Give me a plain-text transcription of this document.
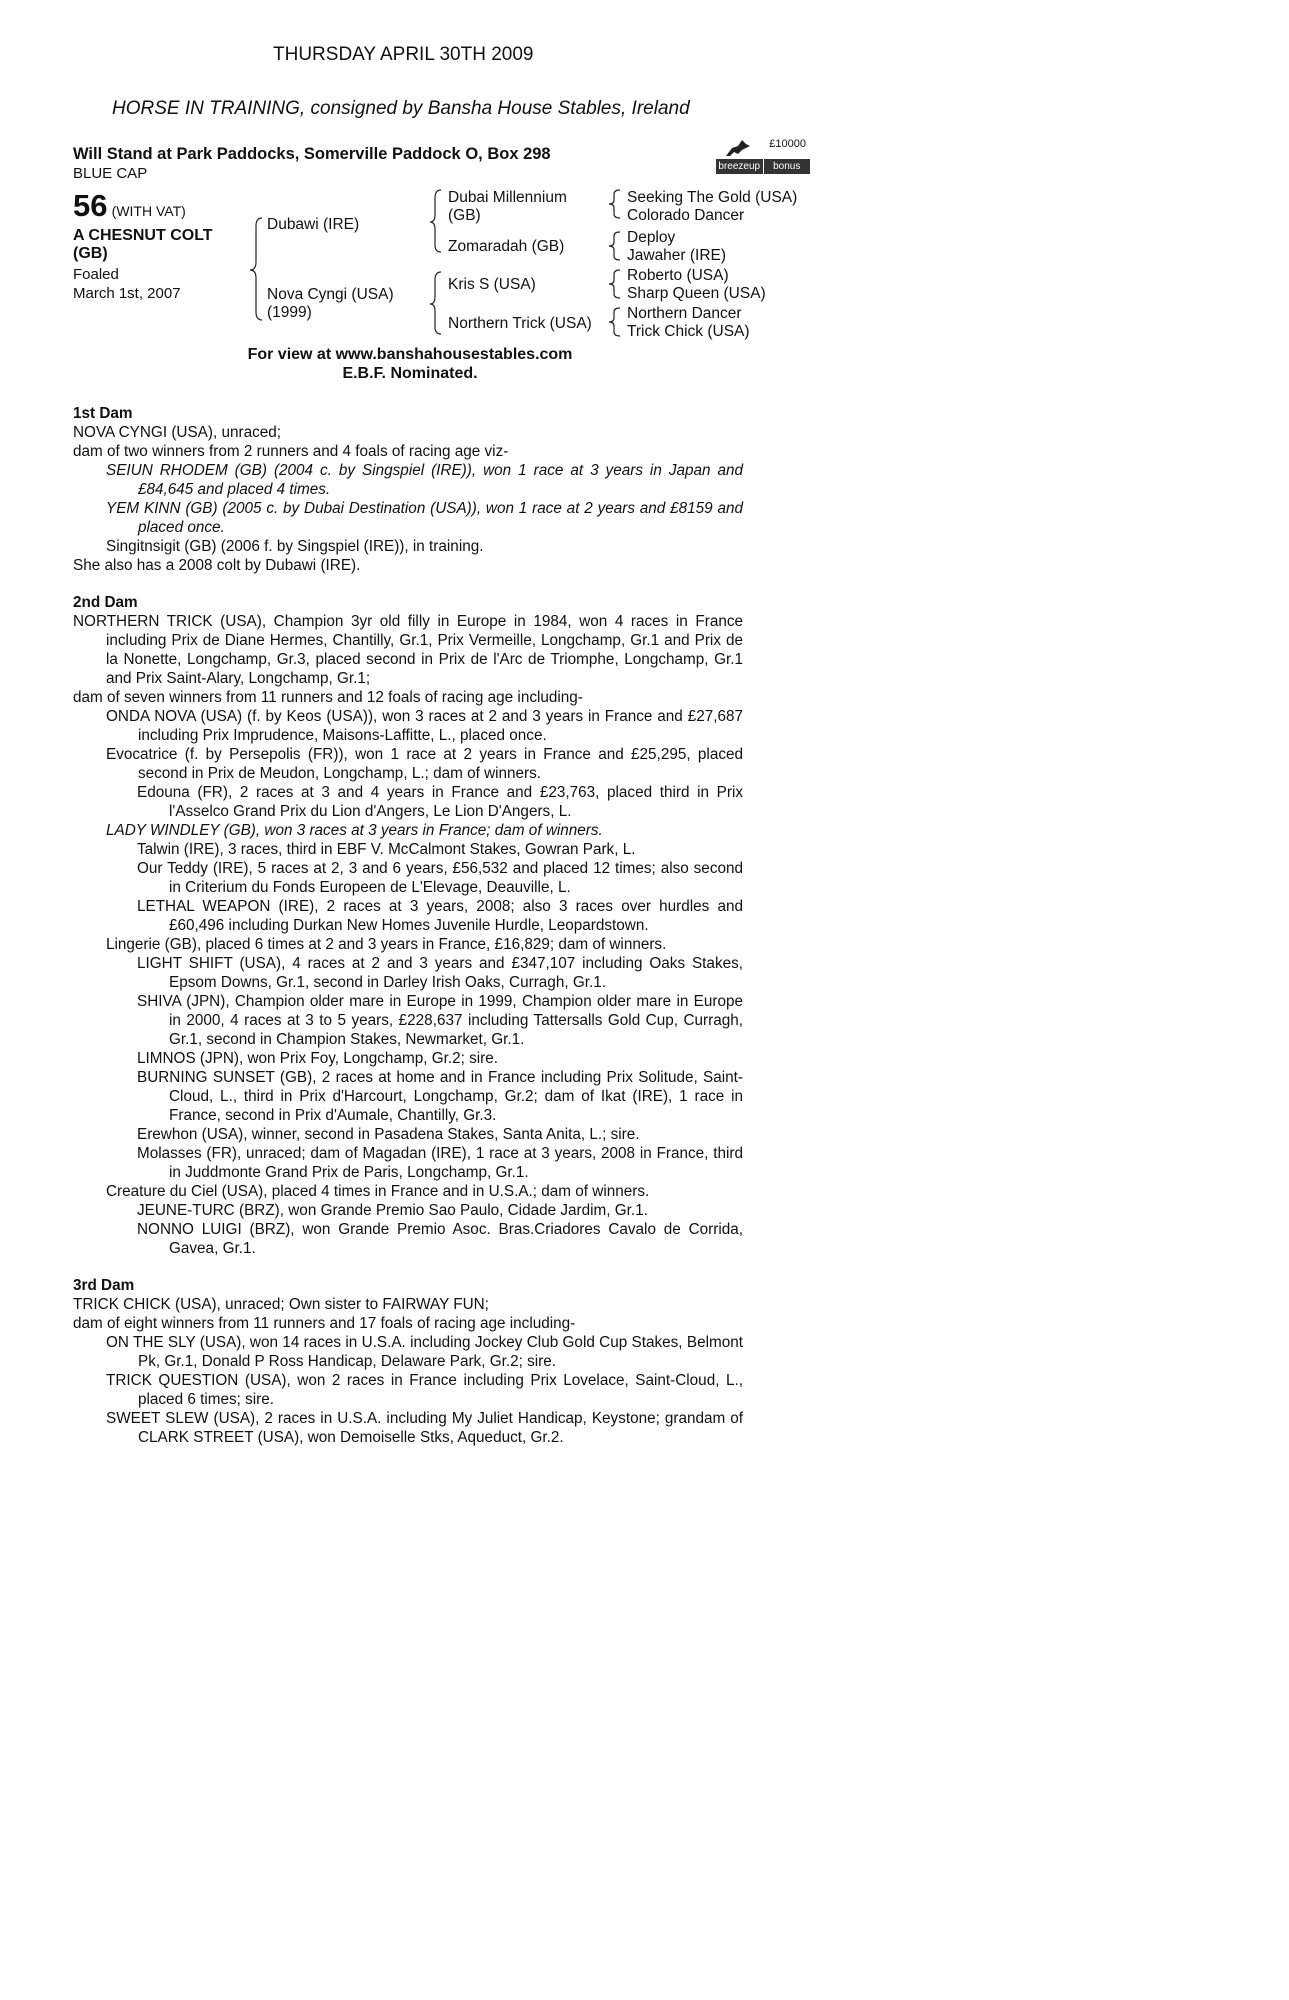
THURSDAY APRIL 30TH 2009
HORSE IN TRAINING, consigned by Bansha House Stables, Ireland
Will Stand at Park Paddocks, Somerville Paddock O, Box 298
BLUE CAP
£10000
breezeup	bonus
56 (WITH VAT)
A CHESNUT COLT
(GB)
Foaled
March 1st, 2007
Dubawi (IRE)
Nova Cyngi (USA)
(1999)
Dubai Millennium
(GB)
Zomaradah (GB)
Kris S (USA)
Northern Trick (USA)
Seeking The Gold (USA)
Colorado Dancer
Deploy
Jawaher (IRE)
Roberto (USA)
Sharp Queen (USA)
Northern Dancer
Trick Chick (USA)
For view at www.banshahousestables.com
E.B.F. Nominated.

1st Dam

NOVA CYNGI (USA), unraced;

dam of two winners from 2 runners and 4 foals of racing age viz-

SEIUN RHODEM (GB) (2004 c. by Singspiel (IRE)), won 1 race at 3 years in Japan and £84,645 and placed 4 times.

YEM KINN (GB) (2005 c. by Dubai Destination (USA)), won 1 race at 2 years and £8159 and placed once.

Singitnsigit (GB) (2006 f. by Singspiel (IRE)), in training.

She also has a 2008 colt by Dubawi (IRE).

2nd Dam

NORTHERN TRICK (USA), Champion 3yr old filly in Europe in 1984, won 4 races in France including Prix de Diane Hermes, Chantilly, Gr.1, Prix Vermeille, Longchamp, Gr.1 and Prix de la Nonette, Longchamp, Gr.3, placed second in Prix de l'Arc de Triomphe, Longchamp, Gr.1 and Prix Saint-Alary, Longchamp, Gr.1;

dam of seven winners from 11 runners and 12 foals of racing age including-

ONDA NOVA (USA) (f. by Keos (USA)), won 3 races at 2 and 3 years in France and £27,687 including Prix Imprudence, Maisons-Laffitte, L., placed once.

Evocatrice (f. by Persepolis (FR)), won 1 race at 2 years in France and £25,295, placed second in Prix de Meudon, Longchamp, L.; dam of winners.

Edouna (FR), 2 races at 3 and 4 years in France and £23,763, placed third in Prix l'Asselco Grand Prix du Lion d'Angers, Le Lion D'Angers, L.

LADY WINDLEY (GB), won 3 races at 3 years in France; dam of winners.

Talwin (IRE), 3 races, third in EBF V. McCalmont Stakes, Gowran Park, L.

Our Teddy (IRE), 5 races at 2, 3 and 6 years, £56,532 and placed 12 times; also second in Criterium du Fonds Europeen de L'Elevage, Deauville, L.

LETHAL WEAPON (IRE), 2 races at 3 years, 2008; also 3 races over hurdles and £60,496 including Durkan New Homes Juvenile Hurdle, Leopardstown.

Lingerie (GB), placed 6 times at 2 and 3 years in France, £16,829; dam of winners.

LIGHT SHIFT (USA), 4 races at 2 and 3 years and £347,107 including Oaks Stakes, Epsom Downs, Gr.1, second in Darley Irish Oaks, Curragh, Gr.1.

SHIVA (JPN), Champion older mare in Europe in 1999, Champion older mare in Europe in 2000, 4 races at 3 to 5 years, £228,637 including Tattersalls Gold Cup, Curragh, Gr.1, second in Champion Stakes, Newmarket, Gr.1.

LIMNOS (JPN), won Prix Foy, Longchamp, Gr.2; sire.

BURNING SUNSET (GB), 2 races at home and in France including Prix Solitude, Saint-Cloud, L., third in Prix d'Harcourt, Longchamp, Gr.2; dam of Ikat (IRE), 1 race in France, second in Prix d'Aumale, Chantilly, Gr.3.

Erewhon (USA), winner, second in Pasadena Stakes, Santa Anita, L.; sire.

Molasses (FR), unraced; dam of Magadan (IRE), 1 race at 3 years, 2008 in France, third in Juddmonte Grand Prix de Paris, Longchamp, Gr.1.

Creature du Ciel (USA), placed 4 times in France and in U.S.A.; dam of winners.

JEUNE-TURC (BRZ), won Grande Premio Sao Paulo, Cidade Jardim, Gr.1.

NONNO LUIGI (BRZ), won Grande Premio Asoc. Bras.Criadores Cavalo de Corrida, Gavea, Gr.1.

3rd Dam

TRICK CHICK (USA), unraced; Own sister to FAIRWAY FUN;

dam of eight winners from 11 runners and 17 foals of racing age including-

ON THE SLY (USA), won 14 races in U.S.A. including Jockey Club Gold Cup Stakes, Belmont Pk, Gr.1, Donald P Ross Handicap, Delaware Park, Gr.2; sire.

TRICK QUESTION (USA), won 2 races in France including Prix Lovelace, Saint-Cloud, L., placed 6 times; sire.

SWEET SLEW (USA), 2 races in U.S.A. including My Juliet Handicap, Keystone; grandam of CLARK STREET (USA), won Demoiselle Stks, Aqueduct, Gr.2.
